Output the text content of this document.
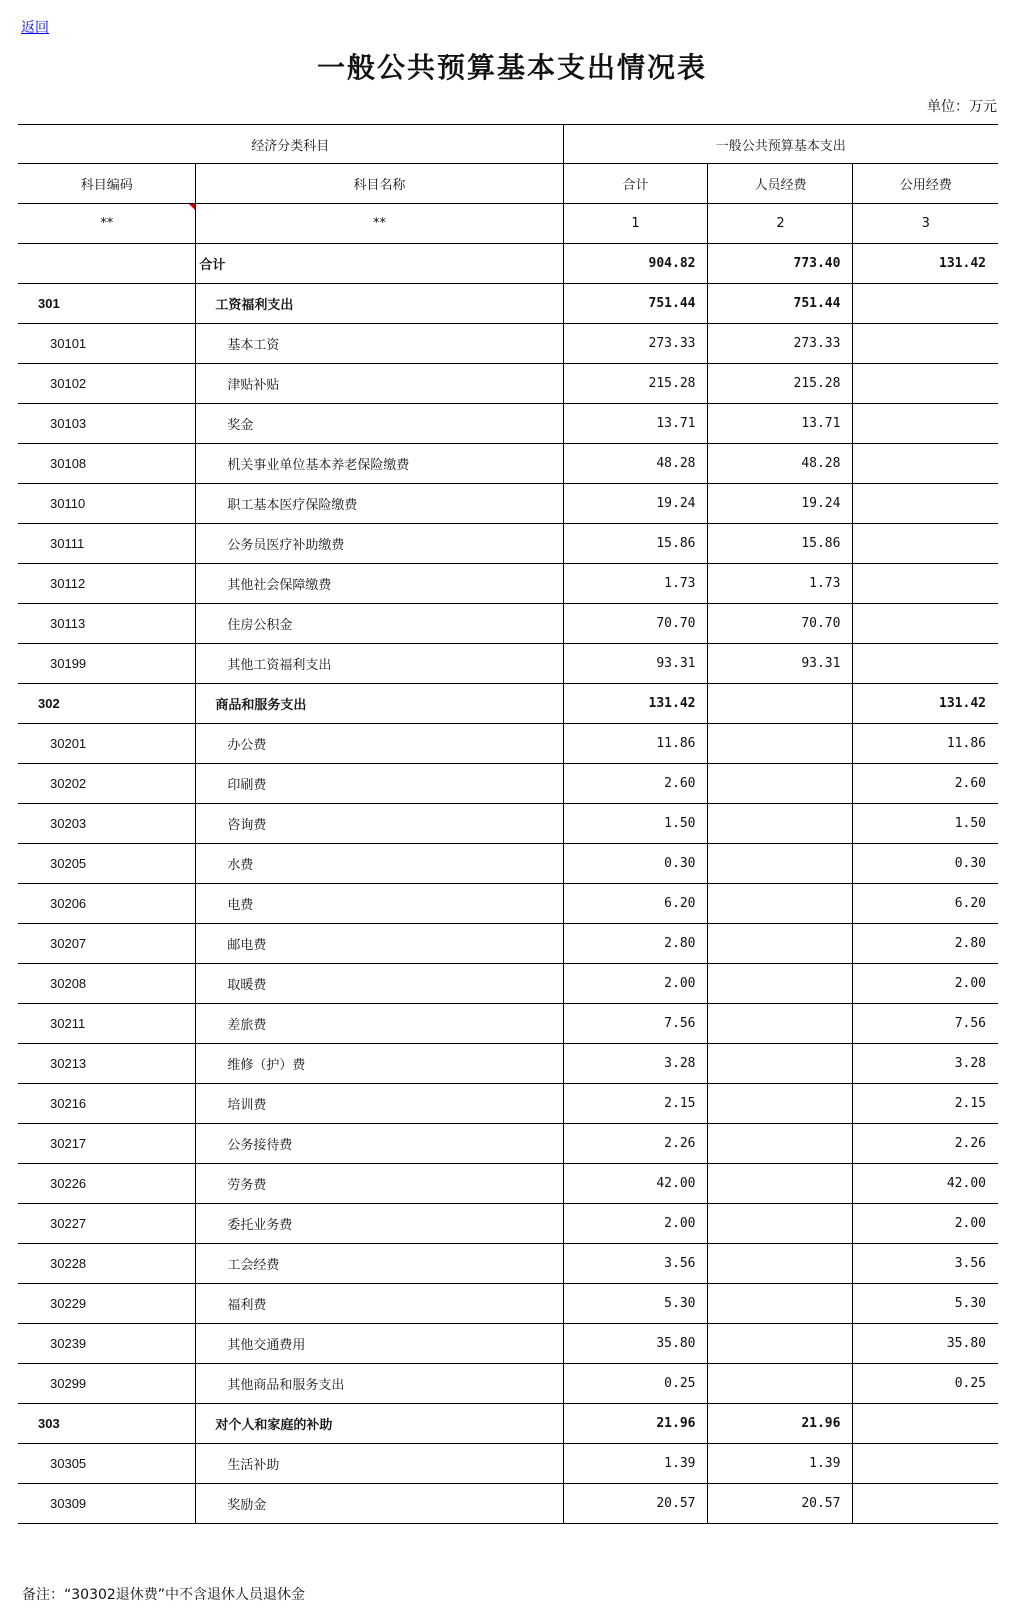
返回
一般公共预算基本支出情况表
单位：万元
经济分类科目		一般公共预算基本支出		
科目编码	科目名称	合计	人员经费	公用经费
**	**	1	2	3
	合计	904.82	773.40	131.42
301	工资福利支出	751.44	751.44	
30101	基本工资	273.33	273.33	
30102	津贴补贴	215.28	215.28	
30103	奖金	13.71	13.71	
30108	机关事业单位基本养老保险缴费	48.28	48.28	
30110	职工基本医疗保险缴费	19.24	19.24	
30111	公务员医疗补助缴费	15.86	15.86	
30112	其他社会保障缴费	1.73	1.73	
30113	住房公积金	70.70	70.70	
30199	其他工资福利支出	93.31	93.31	
302	商品和服务支出	131.42		131.42
30201	办公费	11.86		11.86
30202	印刷费	2.60		2.60
30203	咨询费	1.50		1.50
30205	水费	0.30		0.30
30206	电费	6.20		6.20
30207	邮电费	2.80		2.80
30208	取暖费	2.00		2.00
30211	差旅费	7.56		7.56
30213	维修（护）费	3.28		3.28
30216	培训费	2.15		2.15
30217	公务接待费	2.26		2.26
30226	劳务费	42.00		42.00
30227	委托业务费	2.00		2.00
30228	工会经费	3.56		3.56
30229	福利费	5.30		5.30
30239	其他交通费用	35.80		35.80
30299	其他商品和服务支出	0.25		0.25
303	对个人和家庭的补助	21.96	21.96	
30305	生活补助	1.39	1.39	
30309	奖励金	20.57	20.57	
备注：“30302退休费”中不含退休人员退休金
